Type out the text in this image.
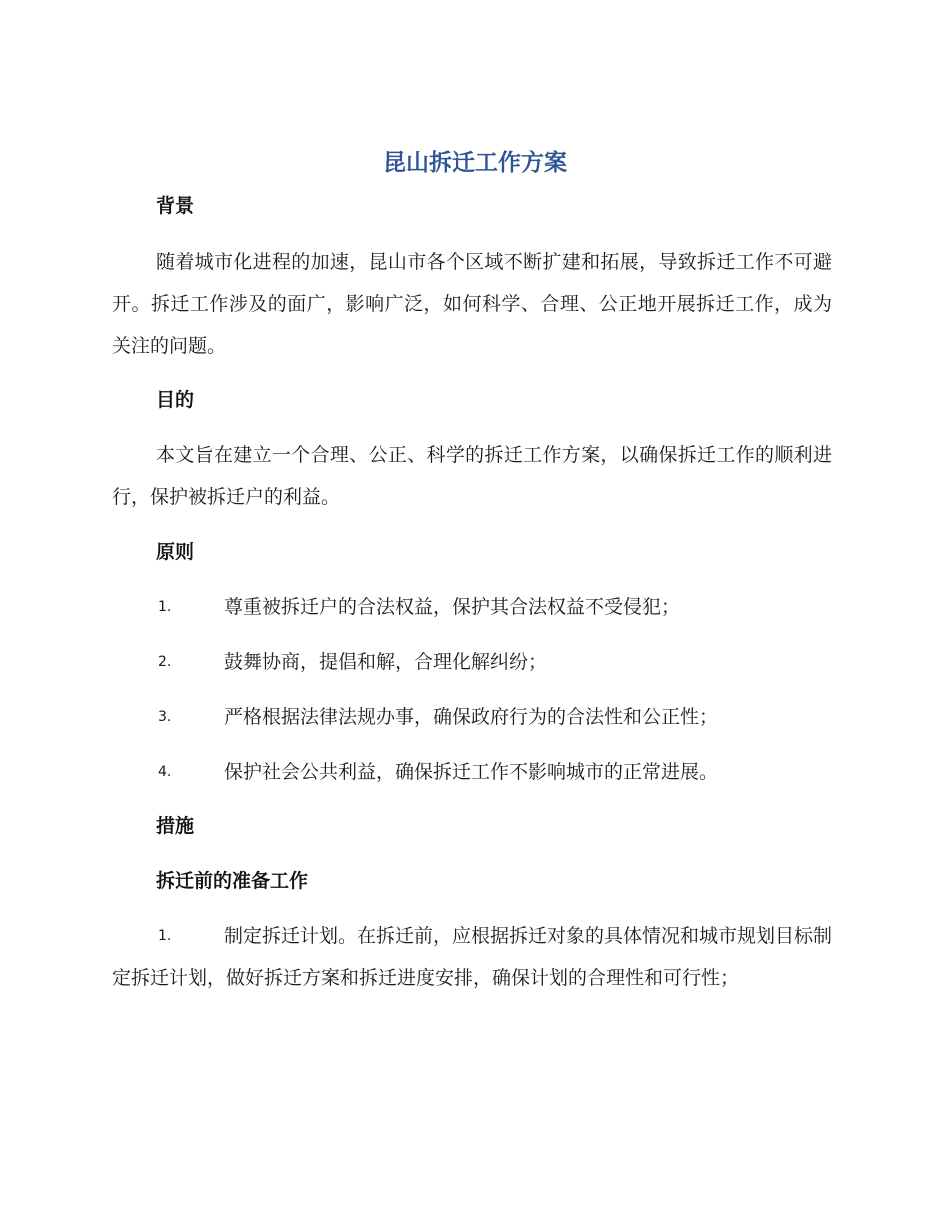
昆山拆迁工作方案
背景

随着城市化进程的加速，昆山市各个区域不断扩建和拓展，导致拆迁工作不可避开。拆迁工作涉及的面广，影响广泛，如何科学、合理、公正地开展拆迁工作，成为关注的问题。

目的

本文旨在建立一个合理、公正、科学的拆迁工作方案，以确保拆迁工作的顺利进行，保护被拆迁户的利益。

原则
1.	尊重被拆迁户的合法权益，保护其合法权益不受侵犯；
2.	鼓舞协商，提倡和解，合理化解纠纷；
3.	严格根据法律法规办事，确保政府行为的合法性和公正性；
4.	保护社会公共利益，确保拆迁工作不影响城市的正常进展。
措施
拆迁前的准备工作
1.	制定拆迁计划。在拆迁前，应根据拆迁对象的具体情况和城市规划目标制定拆迁计划，做好拆迁方案和拆迁进度安排，确保计划的合理性和可行性；
